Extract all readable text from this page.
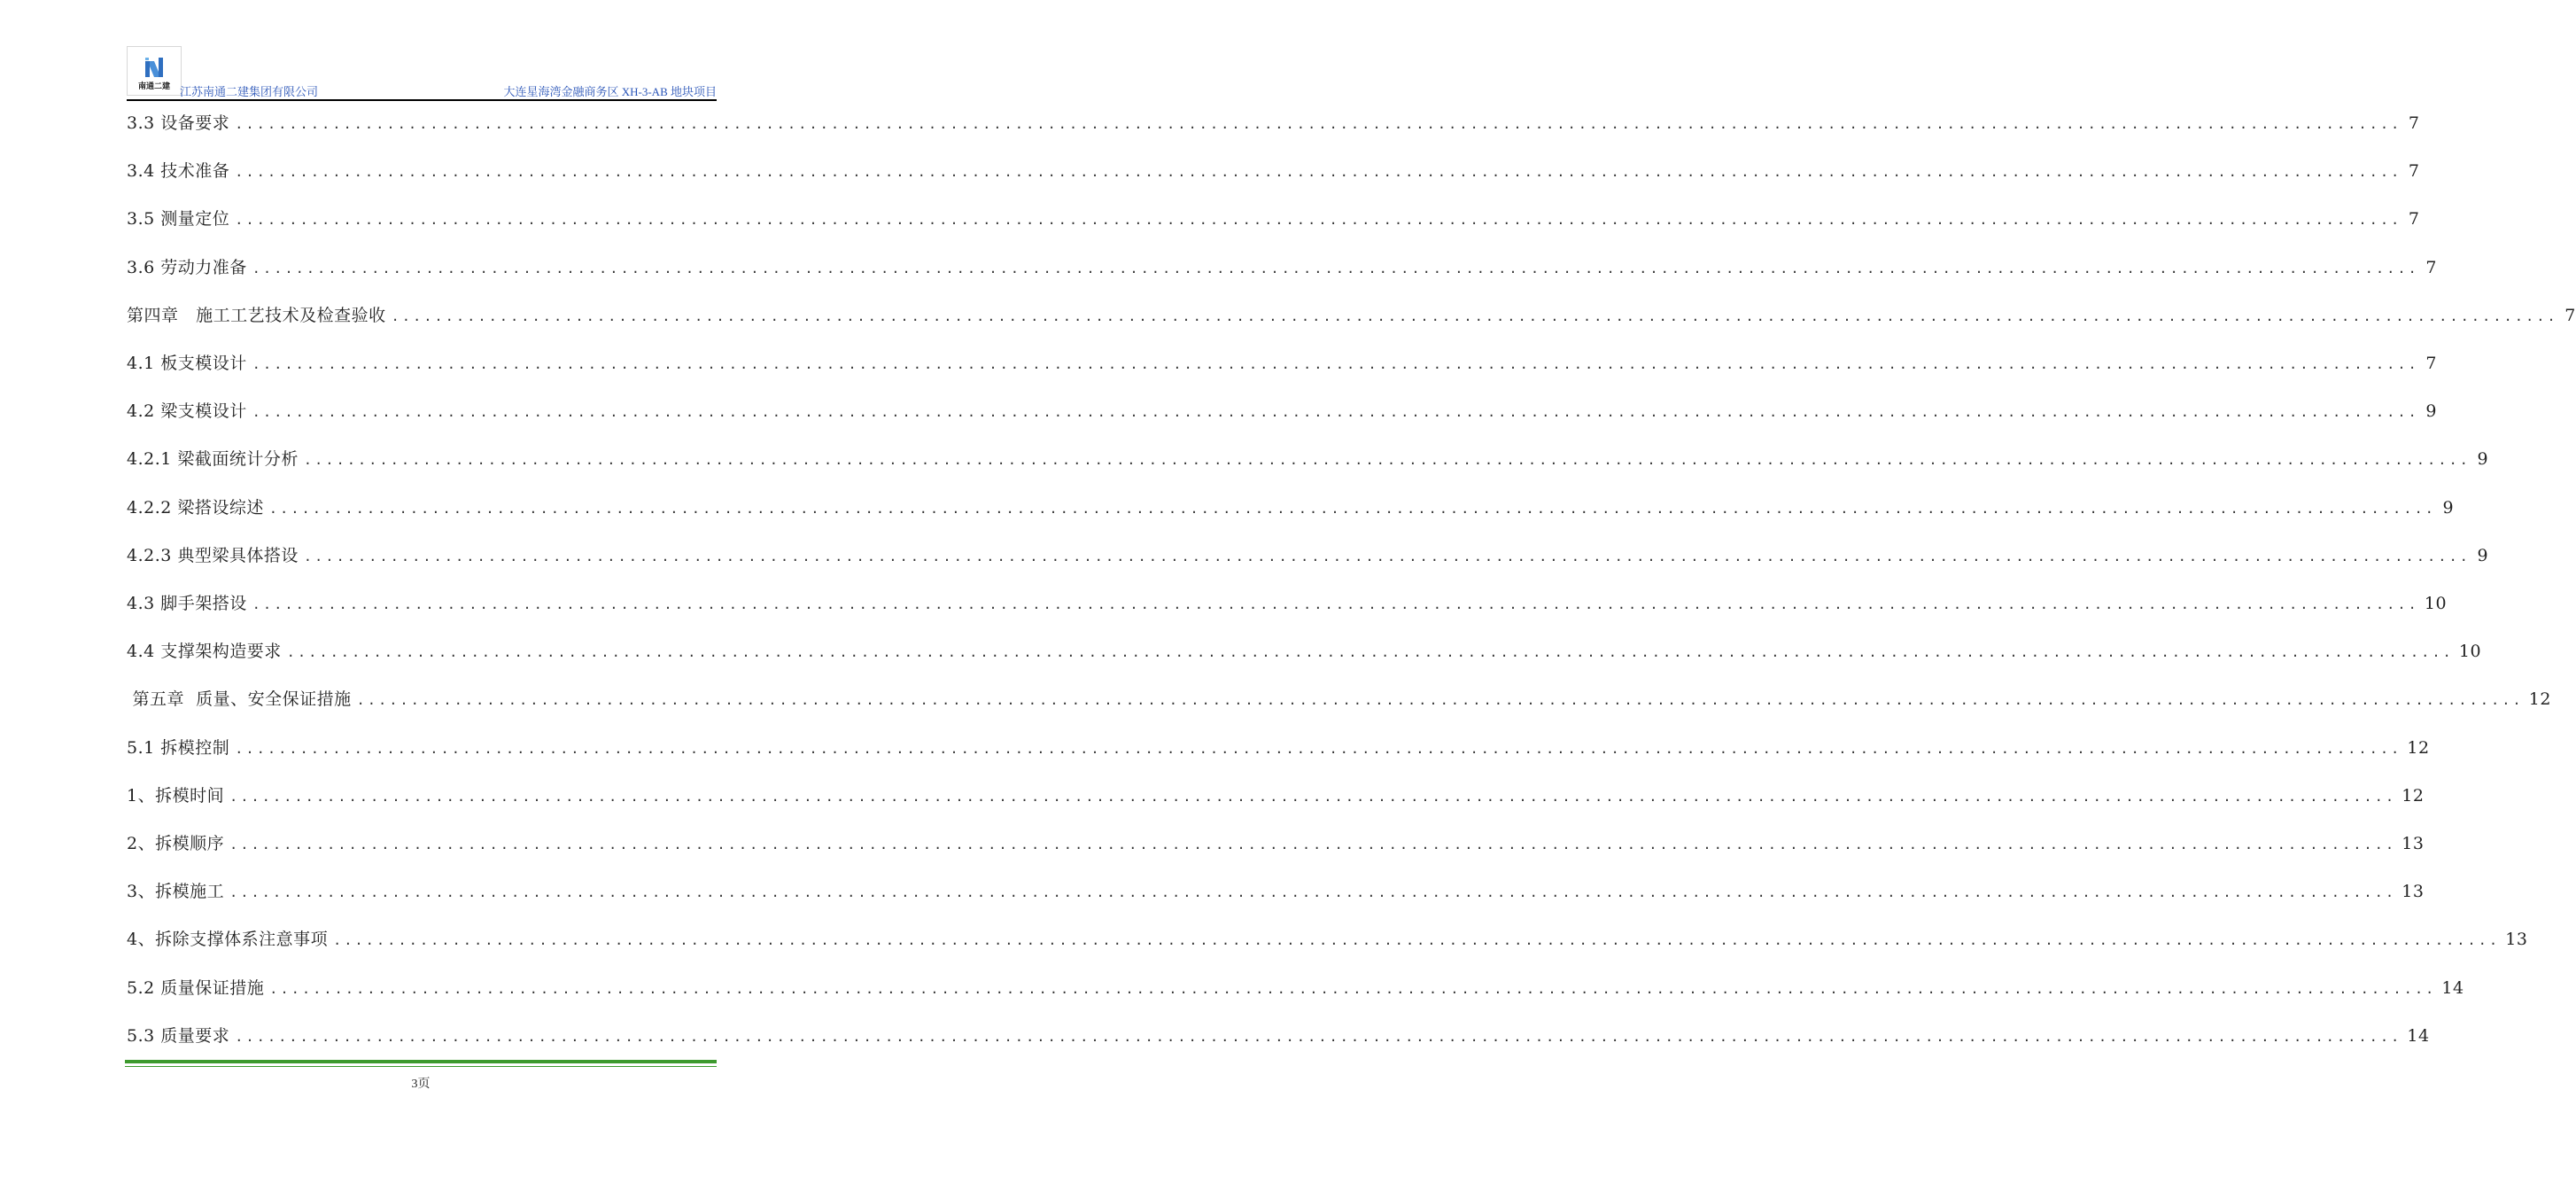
南通二建 江苏南通二建集团有限公司	大连星海湾金融商务区 XH-3-AB 地块项目
3.3 设备要求 ........................................................................................................................................................................................................ 7
3.4 技术准备 ........................................................................................................................................................................................................ 7
3.5 测量定位 ........................................................................................................................................................................................................ 7
3.6 劳动力准备 ........................................................................................................................................................................................................ 7
第四章   施工工艺技术及检查验收 ........................................................................................................................................................................................................ 7
4.1 板支模设计 ........................................................................................................................................................................................................ 7
4.2 梁支模设计 ........................................................................................................................................................................................................ 9
4.2.1 梁截面统计分析 ........................................................................................................................................................................................................ 9
4.2.2 梁搭设综述 ........................................................................................................................................................................................................ 9
4.2.3 典型梁具体搭设 ........................................................................................................................................................................................................ 9
4.3 脚手架搭设 ........................................................................................................................................................................................................ 10
4.4 支撑架构造要求 ........................................................................................................................................................................................................ 10
第五章  质量、安全保证措施 ........................................................................................................................................................................................................ 12
5.1 拆模控制 ........................................................................................................................................................................................................ 12
1、拆模时间 ........................................................................................................................................................................................................ 12
2、拆模顺序 ........................................................................................................................................................................................................ 13
3、拆模施工 ........................................................................................................................................................................................................ 13
4、拆除支撑体系注意事项 ........................................................................................................................................................................................................ 13
5.2 质量保证措施 ........................................................................................................................................................................................................ 14
5.3 质量要求 ........................................................................................................................................................................................................ 14
3页
